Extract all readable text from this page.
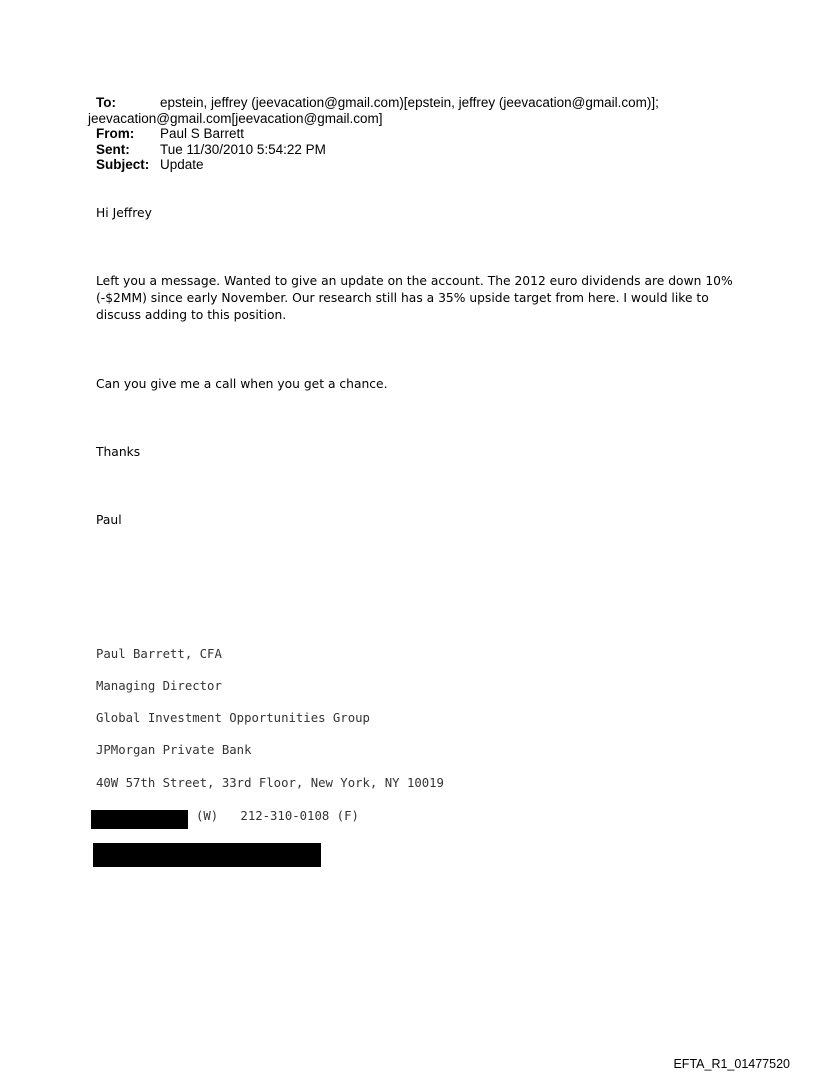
To:	epstein, jeffrey (jeevacation@gmail.com)[epstein, jeffrey (jeevacation@gmail.com)];
jeevacation@gmail.com[jeevacation@gmail.com]
From: Paul S Barrett
Sent: Tue 11/30/2010 5:54:22 PM
Subject: Update
Hi Jeffrey
Left you a message. Wanted to give an update on the account. The 2012 euro dividends are down 10% (-$2MM) since early November. Our research still has a 35% upside target from here. I would like to discuss adding to this position.
Can you give me a call when you get a chance.
Thanks
Paul
Paul Barrett, CFA
Managing Director
Global Investment Opportunities Group
JPMorgan Private Bank
40W 57th Street, 33rd Floor, New York, NY 10019
(W)   212-310-0108 (F)
EFTA_R1_01477520
